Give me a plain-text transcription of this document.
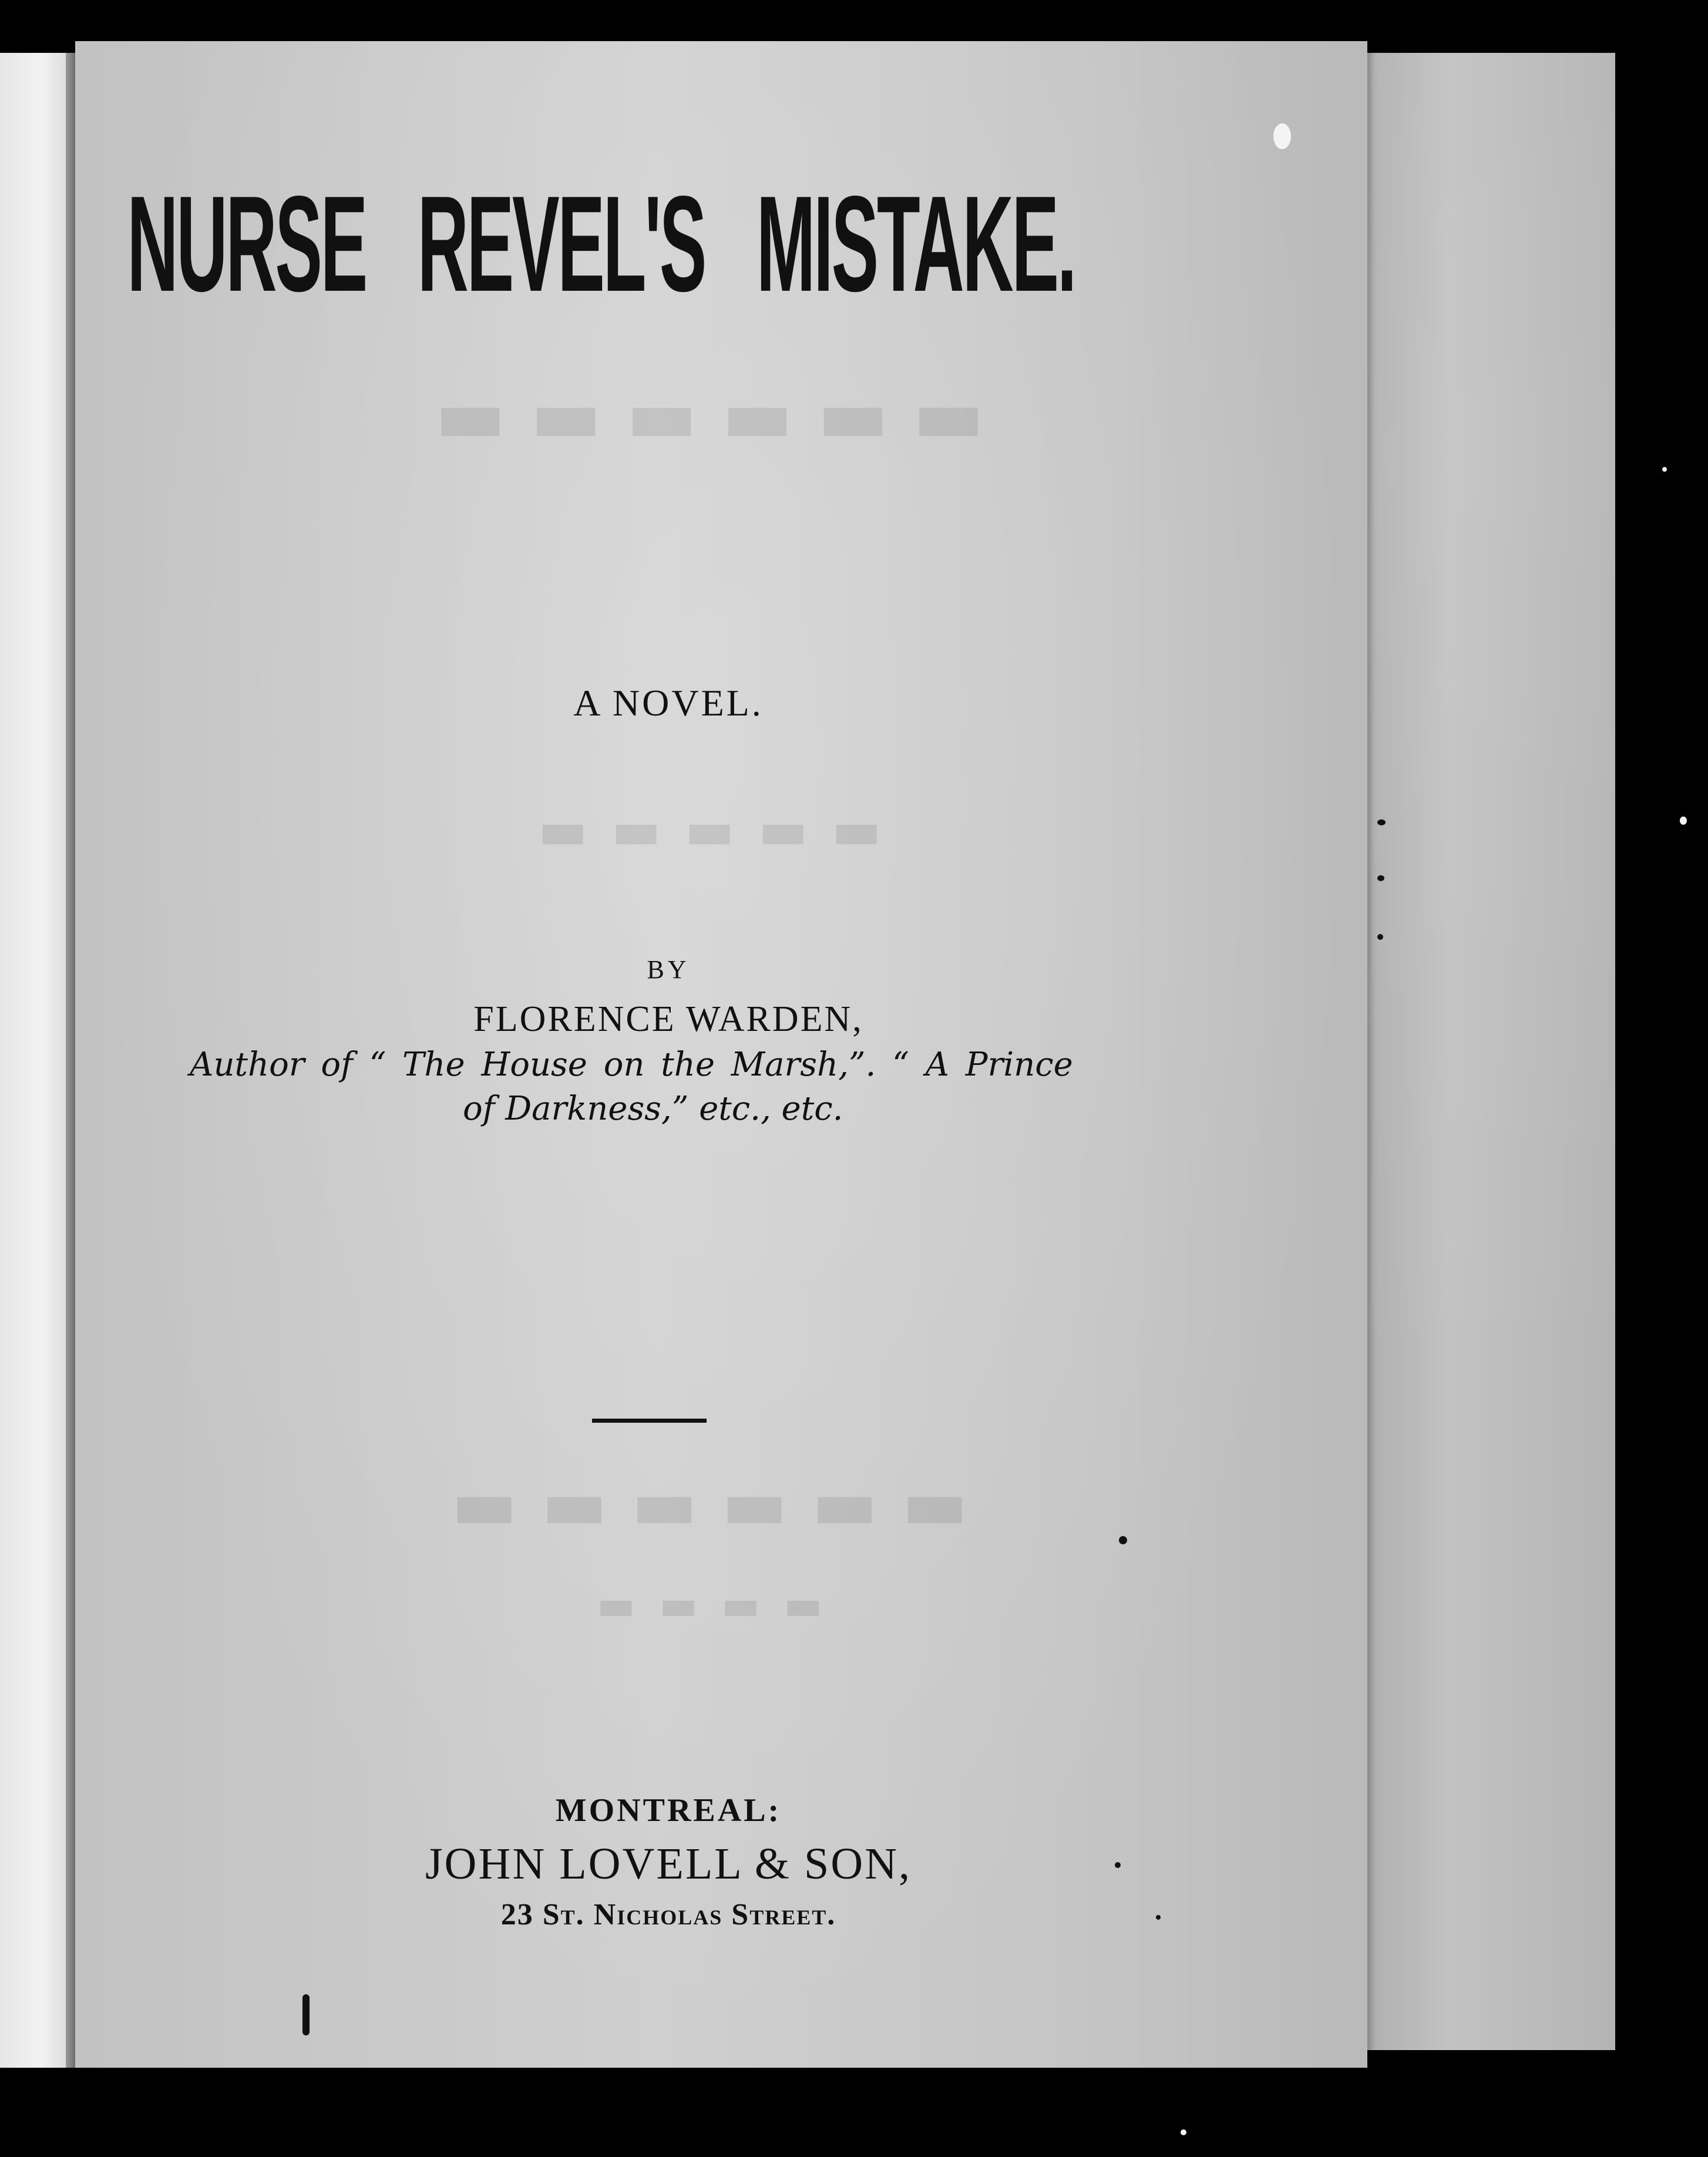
▬▬▬▬▬▬
▬▬▬▬▬
▬▬▬▬▬▬
▬▬▬▬
NURSE REVEL'S MISTAKE.
A NOVEL.
BY
FLORENCE WARDEN,
Author of “ The House on the Marsh,”. “ A Prince
of Darkness,” etc., etc.
MONTREAL:
JOHN LOVELL & SON,
23 St. Nicholas Street.
